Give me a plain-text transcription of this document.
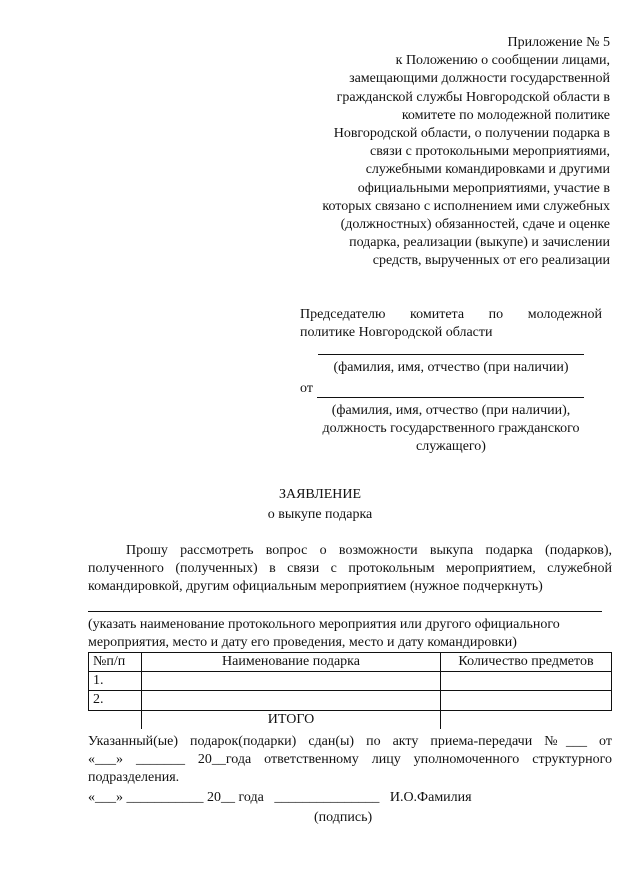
Приложение № 5
к Положению о сообщении лицами,
замещающими должности государственной
гражданской службы Новгородской области в
комитете по молодежной политике
Новгородской области, о получении подарка в
связи с протокольными мероприятиями,
служебными командировками и другими
официальными мероприятиями, участие в
которых связано с исполнением ими служебных
(должностных) обязанностей, сдаче и оценке
подарка, реализации (выкупе) и зачислении
средств, вырученных от его реализации
Председателю комитета по молодежной
политике Новгородской области
(фамилия, имя, отчество (при наличии)
от
(фамилия, имя, отчество (при наличии),
должность государственного гражданского
служащего)
ЗАЯВЛЕНИЕ
о выкупе подарка
Прошу рассмотреть вопрос о возможности выкупа подарка (подарков),
полученного (полученных) в связи с протокольным мероприятием, служебной
командировкой, другим официальным мероприятием (нужное подчеркнуть)
(указать наименование протокольного мероприятия или другого официального
мероприятия, место и дату его проведения, место и дату командировки)
№п/п	Наименование подарка	Количество предметов
1.		
2.		
	ИТОГО	
Указанный(ые) подарок(подарки) сдан(ы) по акту приема-передачи №___ от
«___» _______ 20__года ответственному лицу уполномоченного структурного
подразделения.
«___» ___________ 20__ года   _______________   И.О.Фамилия
(подпись)
